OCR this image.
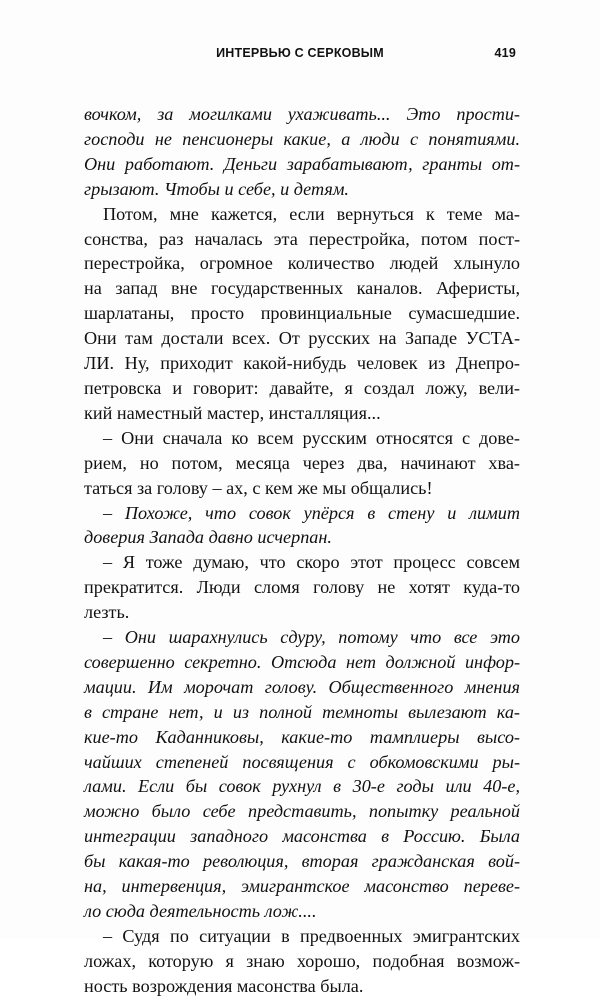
ИНТЕРВЬЮ С СЕРКОВЫМ	419

вочком, за могилками ухаживать... Это прости-
господи не пенсионеры какие, а люди с понятиями.
Они работают. Деньги зарабатывают, гранты от-
грызают. Чтобы и себе, и детям.

Потом, мне кажется, если вернуться к теме ма-
сонства, раз началась эта перестройка, потом пост-
перестройка, огромное количество людей хлынуло
на запад вне государственных каналов. Аферисты,
шарлатаны, просто провинциальные сумасшедшие.
Они там достали всех. От русских на Западе УСТА-
ЛИ. Ну, приходит какой-нибудь человек из Днепро-
петровска и говорит: давайте, я создал ложу, вели-
кий наместный мастер, инсталляция...

– Они сначала ко всем русским относятся с дове-
рием, но потом, месяца через два, начинают хва-
таться за голову – ах, с кем же мы общались!

– Похоже, что совок упёрся в стену и лимит
доверия Запада давно исчерпан.

– Я тоже думаю, что скоро этот процесс совсем
прекратится. Люди сломя голову не хотят куда-то
лезть.

– Они шарахнулись сдуру, потому что все это
совершенно секретно. Отсюда нет должной инфор-
мации. Им морочат голову. Общественного мнения
в стране нет, и из полной темноты вылезают ка-
кие-то Каданниковы, какие-то тамплиеры высо-
чайших степеней посвящения с обкомовскими ры-
лами. Если бы совок рухнул в 30-е годы или 40-е,
можно было себе представить, попытку реальной
интеграции западного масонства в Россию. Была
бы какая-то революция, вторая гражданская вой-
на, интервенция, эмигрантское масонство переве-
ло сюда деятельность лож....

– Судя по ситуации в предвоенных эмигрантских
ложах, которую я знаю хорошо, подобная возмож-
ность возрождения масонства была.
